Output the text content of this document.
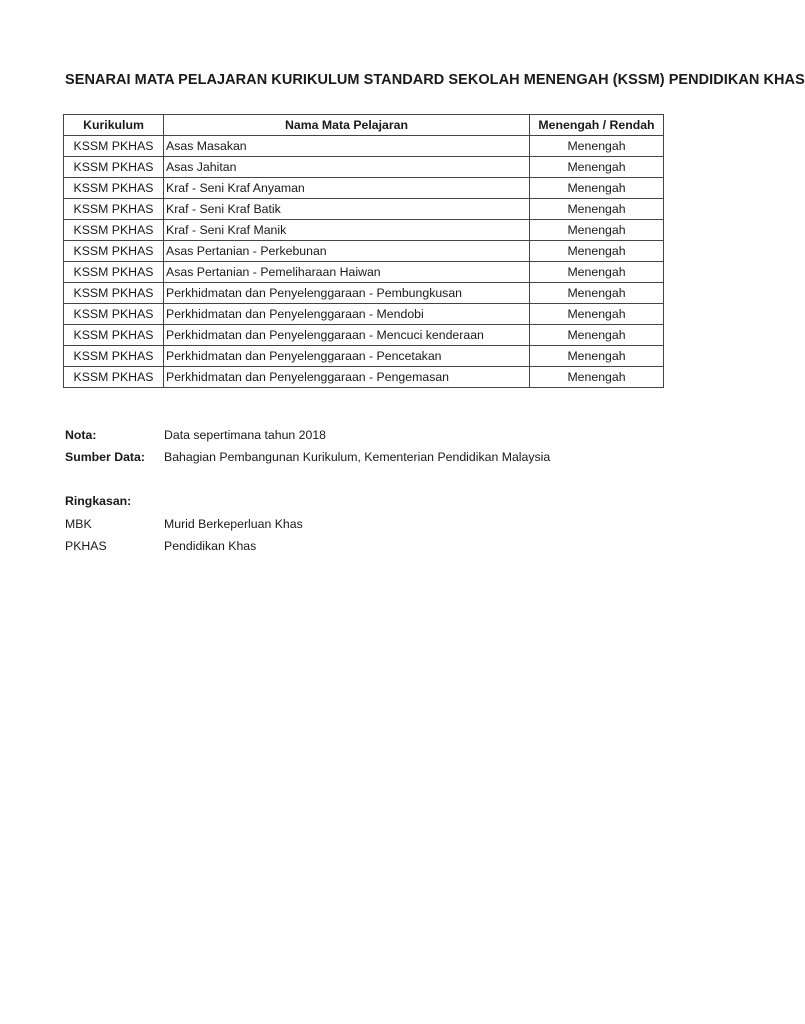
SENARAI MATA PELAJARAN KURIKULUM STANDARD SEKOLAH MENENGAH (KSSM) PENDIDIKAN KHAS
Kurikulum	Nama Mata Pelajaran	Menengah / Rendah
KSSM PKHAS	Asas Masakan	Menengah
KSSM PKHAS	Asas Jahitan	Menengah
KSSM PKHAS	Kraf - Seni Kraf Anyaman	Menengah
KSSM PKHAS	Kraf - Seni Kraf Batik	Menengah
KSSM PKHAS	Kraf - Seni Kraf Manik	Menengah
KSSM PKHAS	Asas Pertanian - Perkebunan	Menengah
KSSM PKHAS	Asas Pertanian - Pemeliharaan Haiwan	Menengah
KSSM PKHAS	Perkhidmatan dan Penyelenggaraan - Pembungkusan	Menengah
KSSM PKHAS	Perkhidmatan dan Penyelenggaraan - Mendobi	Menengah
KSSM PKHAS	Perkhidmatan dan Penyelenggaraan - Mencuci kenderaan	Menengah
KSSM PKHAS	Perkhidmatan dan Penyelenggaraan - Pencetakan	Menengah
KSSM PKHAS	Perkhidmatan dan Penyelenggaraan - Pengemasan	Menengah
Nota:	Data sepertimana tahun 2018
Sumber Data:	Bahagian Pembangunan Kurikulum, Kementerian Pendidikan Malaysia
Ringkasan:
MBK	Murid Berkeperluan Khas
PKHAS	Pendidikan Khas
